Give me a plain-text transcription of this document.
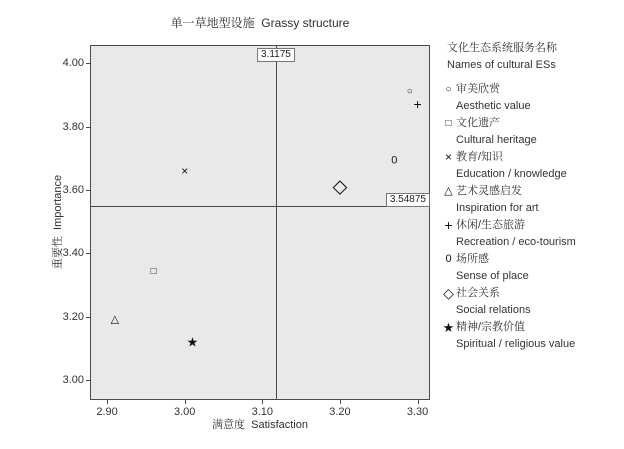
单一草地型设施  Grassy structure
满意度  Satisfaction
重要性  Importance
文化生态系统服务名称
Names of cultural ESs
○ 审美欣赏
Aesthetic value
□ 文化遗产
Cultural heritage
× 教育/知识
Education / knowledge
△ 艺术灵感启发
Inspiration for art
+ 休闲/生态旅游
Recreation / eco-tourism
0 场所感
Sense of place
◇ 社会关系
Social relations
★ 精神/宗教价值
Spiritual / religious value
2.90	3.00	3.10	3.20	3.30
3.00
3.20
3.40
3.60
3.80
4.00
3.1175
3.54875
○
□
×
△
+
0
◇
★
